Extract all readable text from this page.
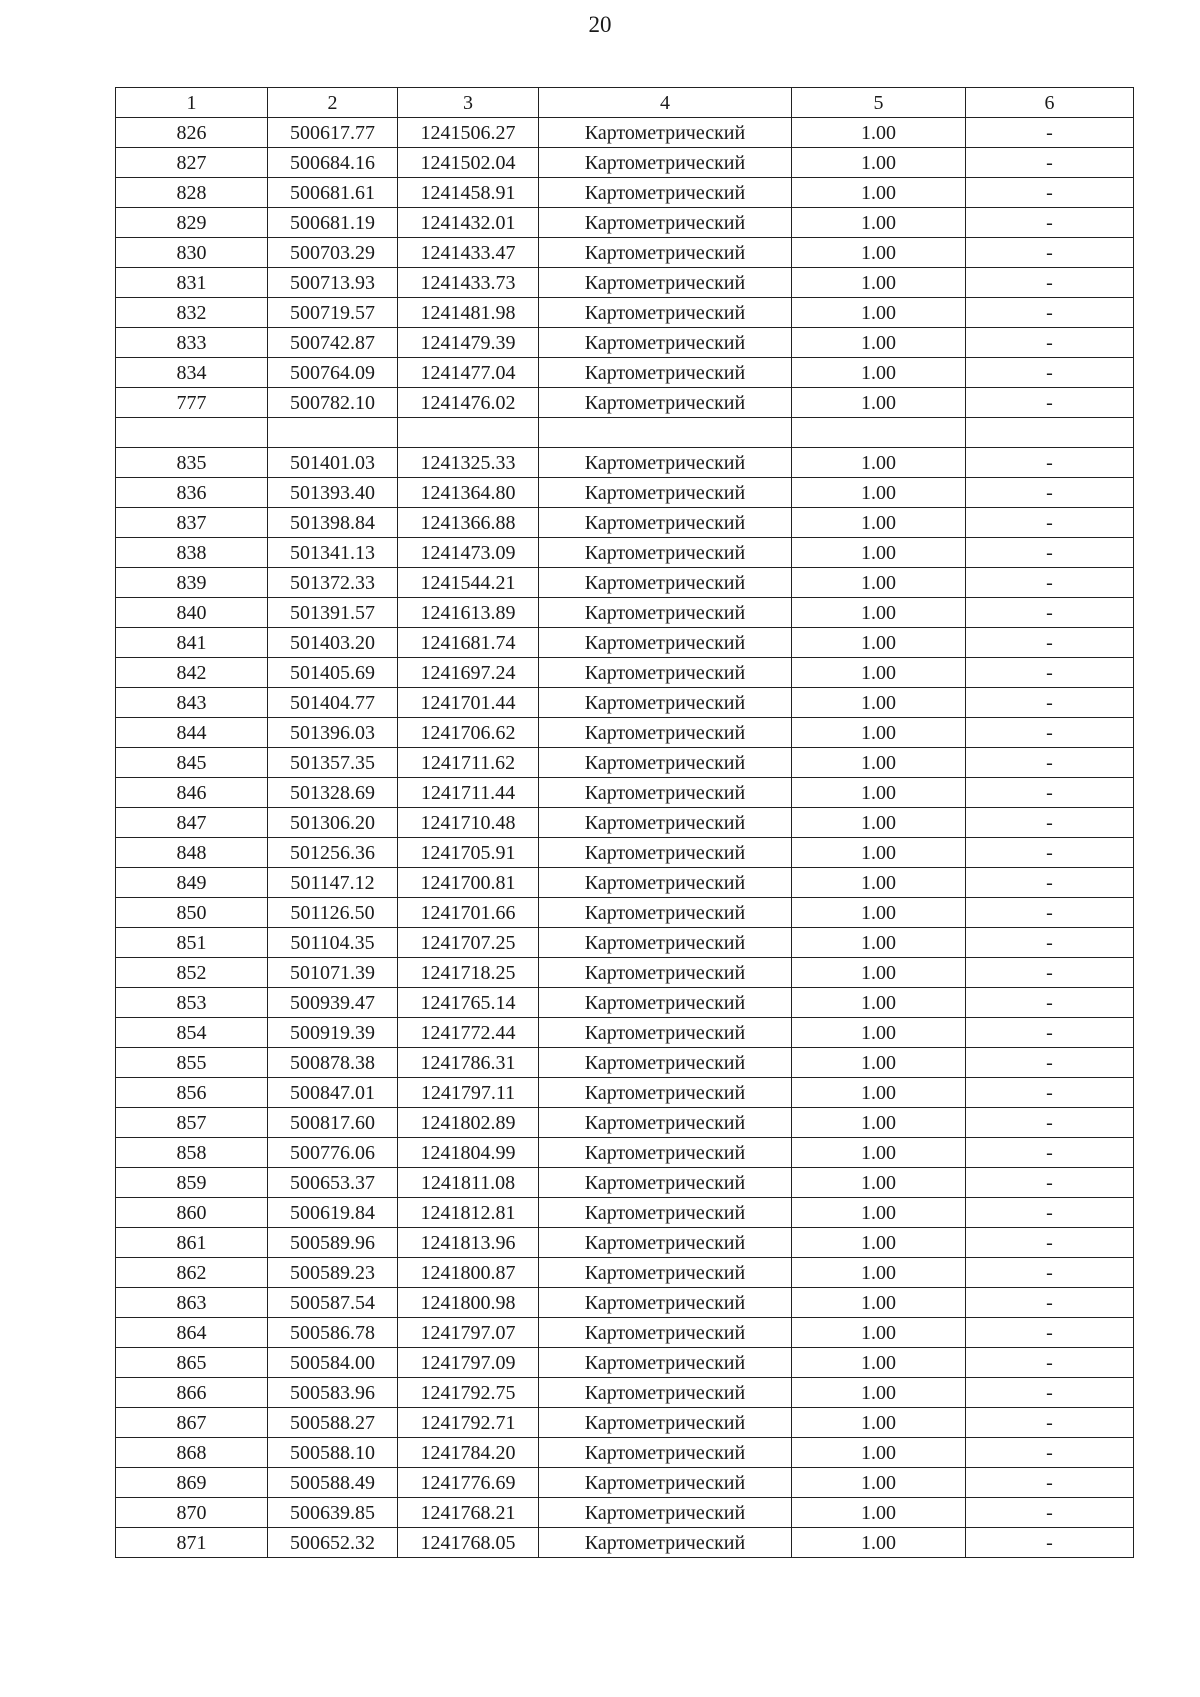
20
1	2	3	4	5	6
826	500617.77	1241506.27	Картометрический	1.00	-
827	500684.16	1241502.04	Картометрический	1.00	-
828	500681.61	1241458.91	Картометрический	1.00	-
829	500681.19	1241432.01	Картометрический	1.00	-
830	500703.29	1241433.47	Картометрический	1.00	-
831	500713.93	1241433.73	Картометрический	1.00	-
832	500719.57	1241481.98	Картометрический	1.00	-
833	500742.87	1241479.39	Картометрический	1.00	-
834	500764.09	1241477.04	Картометрический	1.00	-
777	500782.10	1241476.02	Картометрический	1.00	-

835	501401.03	1241325.33	Картометрический	1.00	-
836	501393.40	1241364.80	Картометрический	1.00	-
837	501398.84	1241366.88	Картометрический	1.00	-
838	501341.13	1241473.09	Картометрический	1.00	-
839	501372.33	1241544.21	Картометрический	1.00	-
840	501391.57	1241613.89	Картометрический	1.00	-
841	501403.20	1241681.74	Картометрический	1.00	-
842	501405.69	1241697.24	Картометрический	1.00	-
843	501404.77	1241701.44	Картометрический	1.00	-
844	501396.03	1241706.62	Картометрический	1.00	-
845	501357.35	1241711.62	Картометрический	1.00	-
846	501328.69	1241711.44	Картометрический	1.00	-
847	501306.20	1241710.48	Картометрический	1.00	-
848	501256.36	1241705.91	Картометрический	1.00	-
849	501147.12	1241700.81	Картометрический	1.00	-
850	501126.50	1241701.66	Картометрический	1.00	-
851	501104.35	1241707.25	Картометрический	1.00	-
852	501071.39	1241718.25	Картометрический	1.00	-
853	500939.47	1241765.14	Картометрический	1.00	-
854	500919.39	1241772.44	Картометрический	1.00	-
855	500878.38	1241786.31	Картометрический	1.00	-
856	500847.01	1241797.11	Картометрический	1.00	-
857	500817.60	1241802.89	Картометрический	1.00	-
858	500776.06	1241804.99	Картометрический	1.00	-
859	500653.37	1241811.08	Картометрический	1.00	-
860	500619.84	1241812.81	Картометрический	1.00	-
861	500589.96	1241813.96	Картометрический	1.00	-
862	500589.23	1241800.87	Картометрический	1.00	-
863	500587.54	1241800.98	Картометрический	1.00	-
864	500586.78	1241797.07	Картометрический	1.00	-
865	500584.00	1241797.09	Картометрический	1.00	-
866	500583.96	1241792.75	Картометрический	1.00	-
867	500588.27	1241792.71	Картометрический	1.00	-
868	500588.10	1241784.20	Картометрический	1.00	-
869	500588.49	1241776.69	Картометрический	1.00	-
870	500639.85	1241768.21	Картометрический	1.00	-
871	500652.32	1241768.05	Картометрический	1.00	-
